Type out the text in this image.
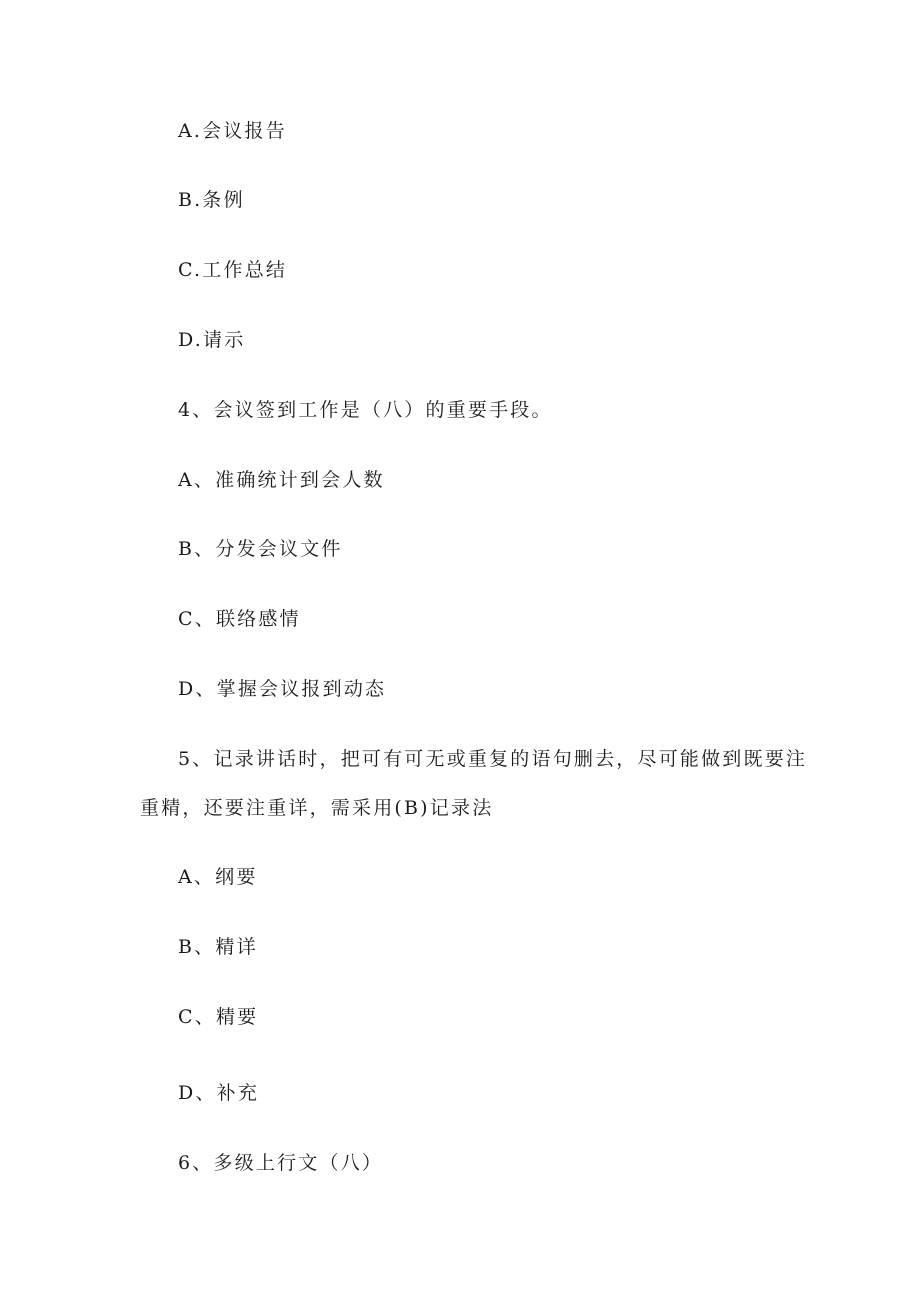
A.会议报告
B.条例
C.工作总结
D.请示
4、会议签到工作是（八）的重要手段。
A、准确统计到会人数
B、分发会议文件
C、联络感情
D、掌握会议报到动态
5、记录讲话时，把可有可无或重复的语句删去，尽可能做到既要注
重精，还要注重详，需采用(B)记录法
A、纲要
B、精详
C、精要
D、补充
6、多级上行文（八）
